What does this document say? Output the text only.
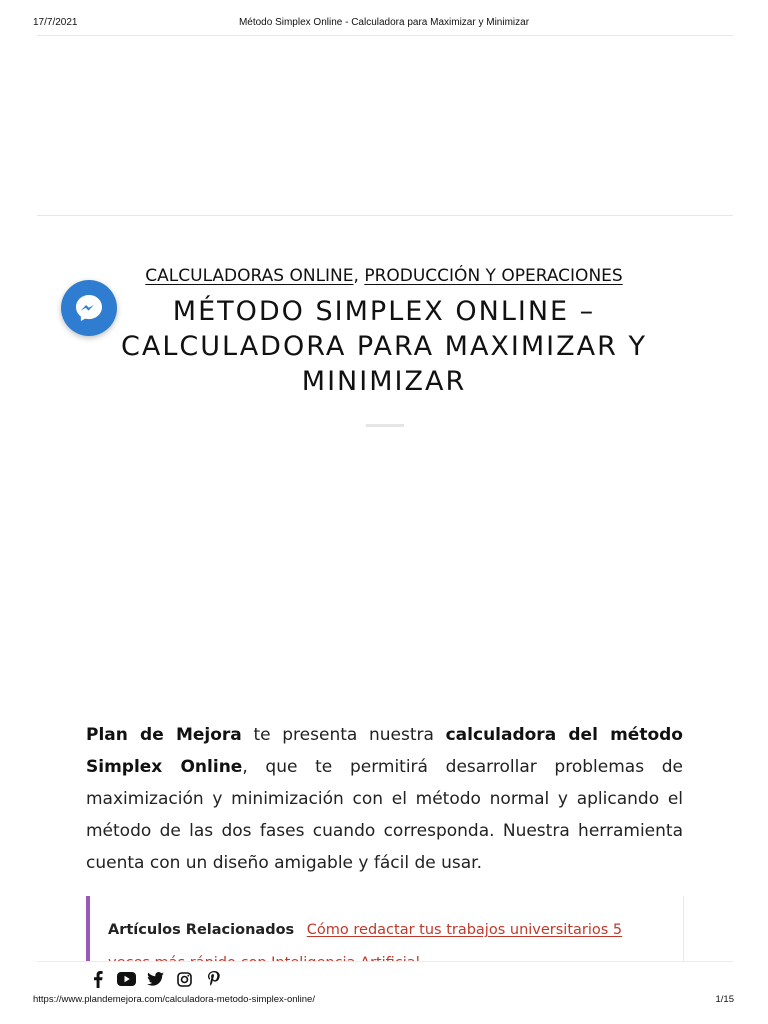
17/7/2021	Método Simplex Online - Calculadora para Maximizar y Minimizar
CALCULADORAS ONLINE, PRODUCCIÓN Y OPERACIONES
MÉTODO SIMPLEX ONLINE – CALCULADORA PARA MAXIMIZAR Y MINIMIZAR

Plan de Mejora te presenta nuestra calculadora del método Simplex Online, que te permitirá desarrollar problemas de maximización y minimización con el método normal y aplicando el método de las dos fases cuando corresponda. Nuestra herramienta cuenta con un diseño amigable y fácil de usar.

Artículos Relacionados Cómo redactar tus trabajos universitarios 5
https://www.plandemejora.com/calculadora-metodo-simplex-online/	1/15
